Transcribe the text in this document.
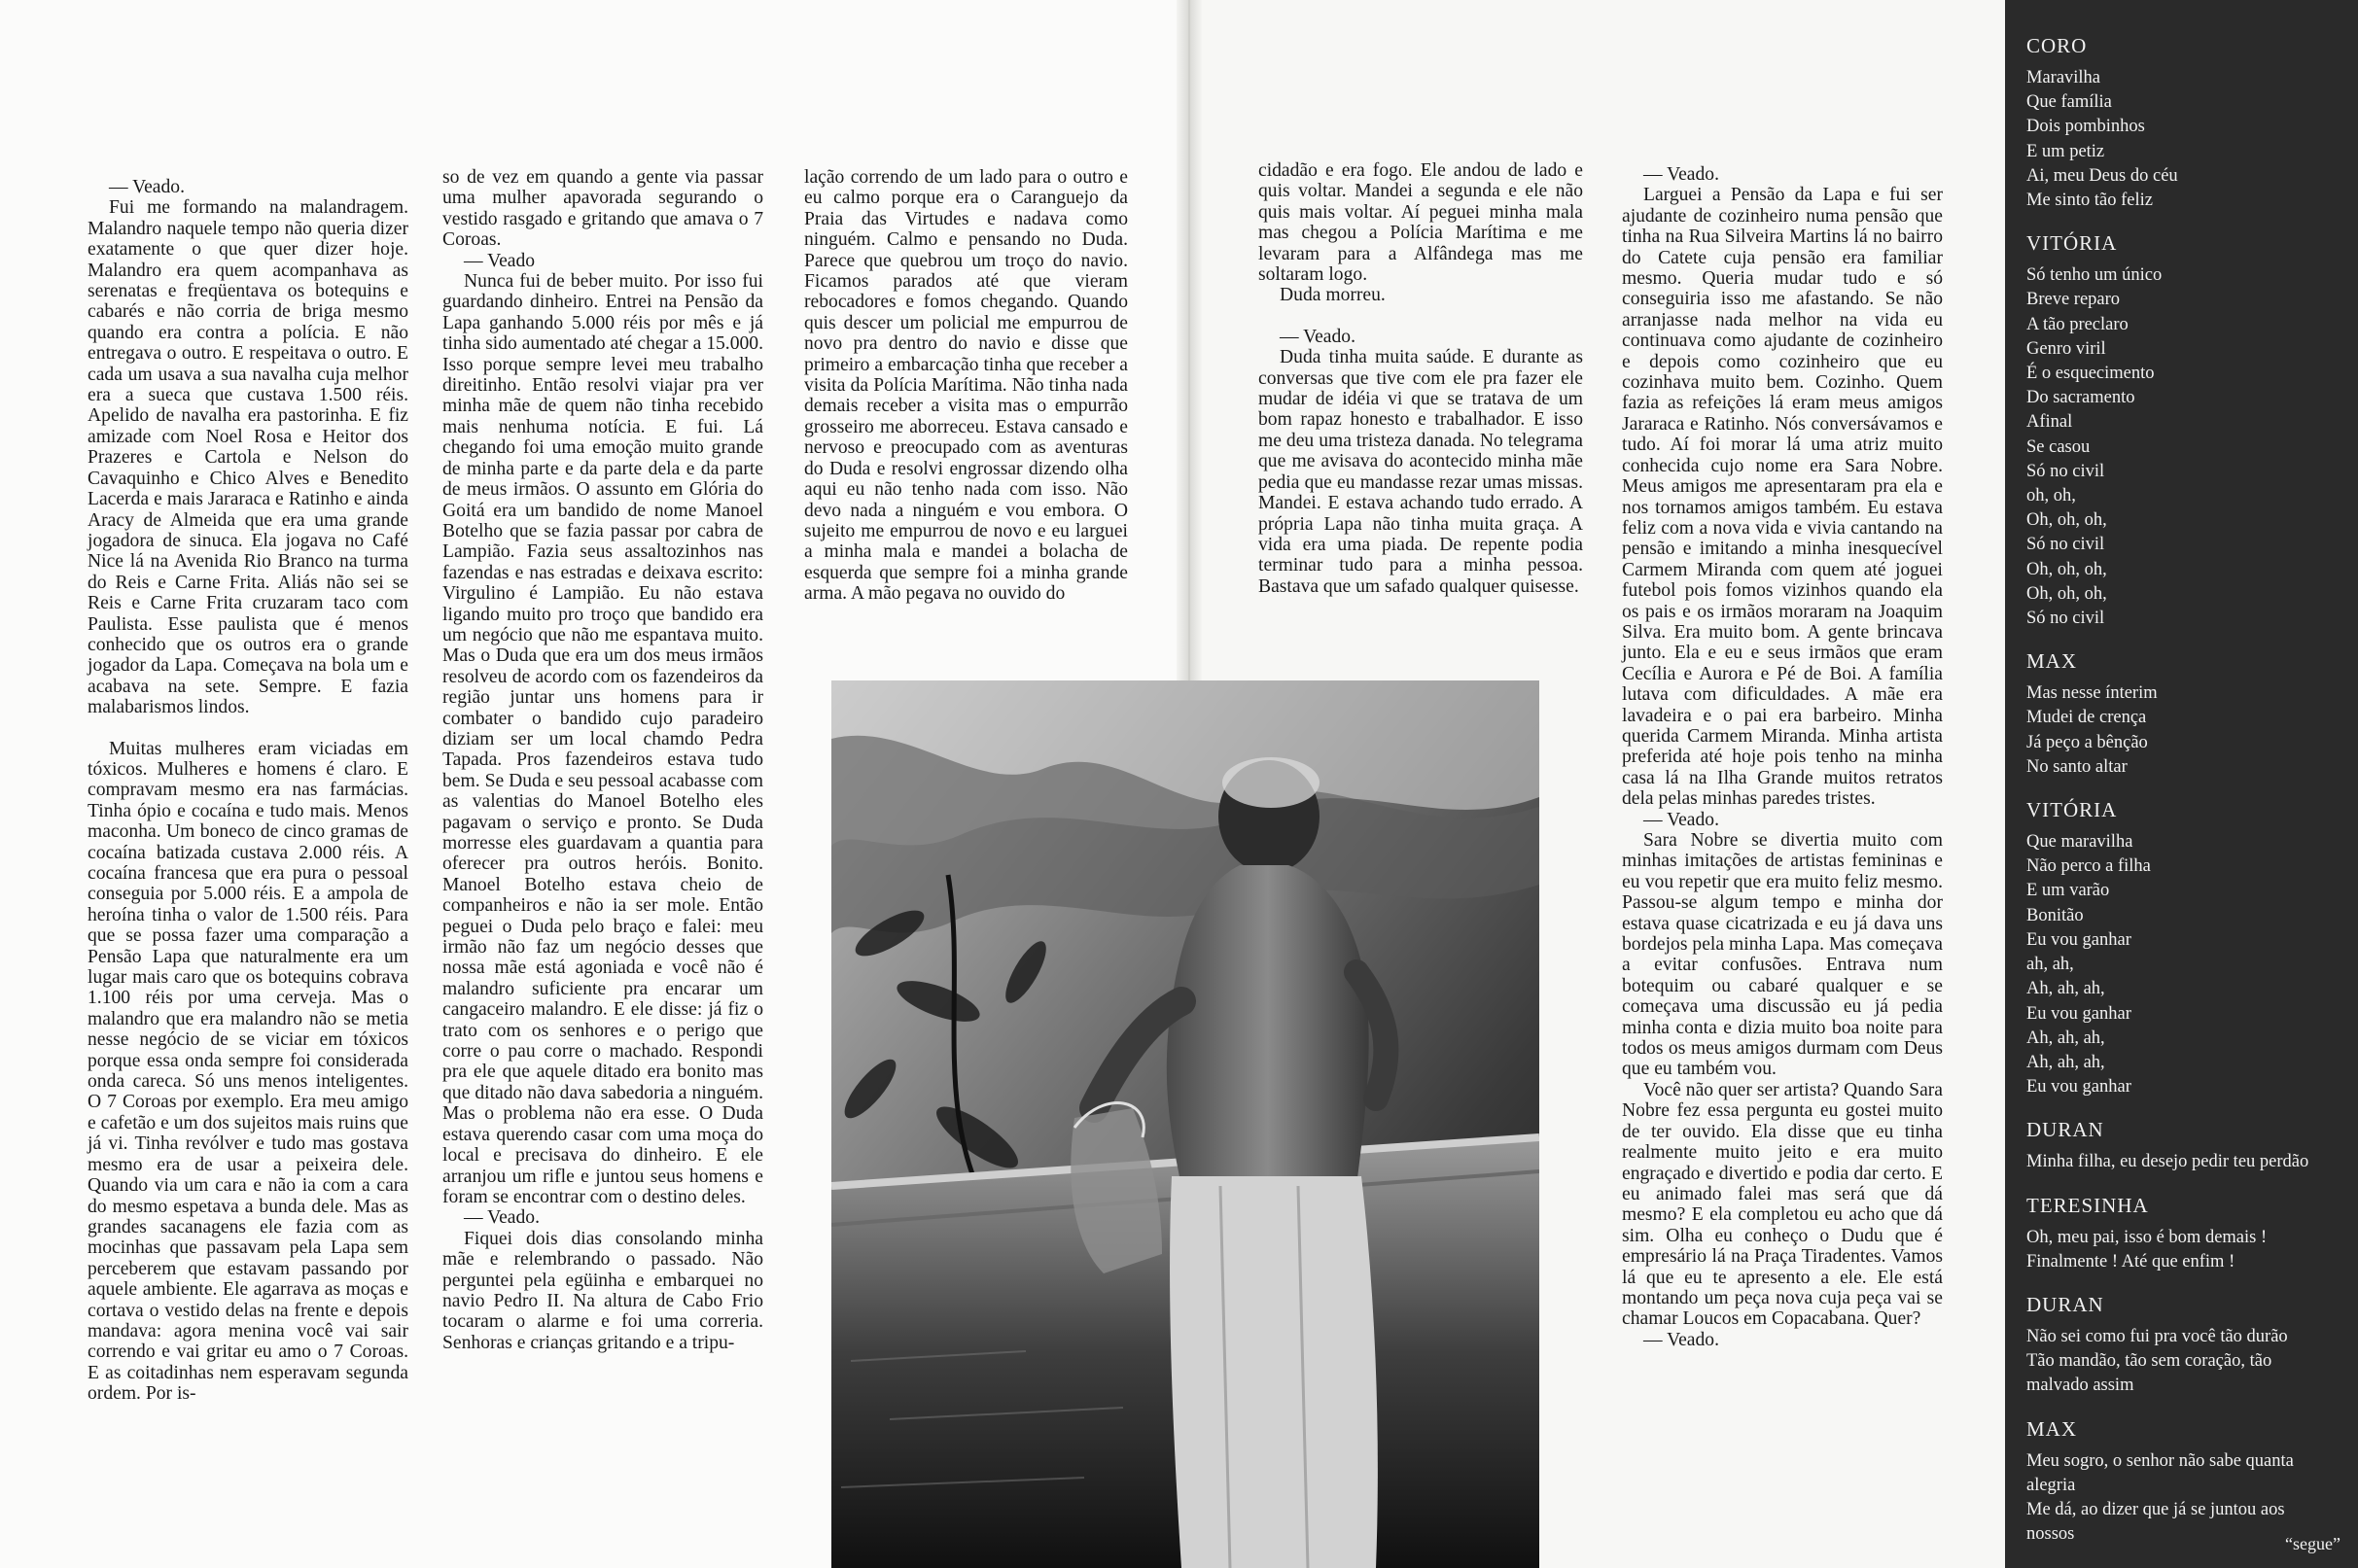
— Veado.

Fui me formando na malandragem. Malandro naquele tempo não queria dizer exatamente o que quer dizer hoje. Malandro era quem acompanhava as serenatas e freqüentava os botequins e cabarés e não corria de briga mesmo quando era contra a polícia. E não entregava o outro. E respeitava o outro. E cada um usava a sua navalha cuja melhor era a sueca que custava 1.500 réis. Apelido de navalha era pastorinha. E fiz amizade com Noel Rosa e Heitor dos Prazeres e Cartola e Nelson do Cavaquinho e Chico Alves e Benedito Lacerda e mais Jararaca e Ratinho e ainda Aracy de Almeida que era uma grande jogadora de sinuca. Ela jogava no Café Nice lá na Avenida Rio Branco na turma do Reis e Carne Frita. Aliás não sei se Reis e Carne Frita cruzaram taco com Paulista. Esse paulista que é menos conhecido que os outros era o grande jogador da Lapa. Começava na bola um e acabava na sete. Sempre. E fazia malabarismos lindos.

Muitas mulheres eram viciadas em tóxicos. Mulheres e homens é claro. E compravam mesmo era nas farmácias. Tinha ópio e cocaína e tudo mais. Menos maconha. Um boneco de cinco gramas de cocaína batizada custava 2.000 réis. A cocaína francesa que era pura o pessoal conseguia por 5.000 réis. E a ampola de heroína tinha o valor de 1.500 réis. Para que se possa fazer uma comparação a Pensão Lapa que naturalmente era um lugar mais caro que os botequins cobrava 1.100 réis por uma cerveja. Mas o malandro que era malandro não se metia nesse negócio de se viciar em tóxicos porque essa onda sempre foi considerada onda careca. Só uns menos inteligentes. O 7 Coroas por exemplo. Era meu amigo e cafetão e um dos sujeitos mais ruins que já vi. Tinha revólver e tudo mas gostava mesmo era de usar a peixeira dele. Quando via um cara e não ia com a cara do mesmo espetava a bunda dele. Mas as grandes sacanagens ele fazia com as mocinhas que passavam pela Lapa sem perceberem que estavam passando por aquele ambiente. Ele agarrava as moças e cortava o vestido delas na frente e depois mandava: agora menina você vai sair correndo e vai gritar eu amo o 7 Coroas. E as coitadinhas nem esperavam segunda ordem. Por is-

so de vez em quando a gente via passar uma mulher apavorada segurando o vestido rasgado e gritando que amava o 7 Coroas.

— Veado

Nunca fui de beber muito. Por isso fui guardando dinheiro. Entrei na Pensão da Lapa ganhando 5.000 réis por mês e já tinha sido aumentado até chegar a 15.000. Isso porque sempre levei meu trabalho direitinho. Então resolvi viajar pra ver minha mãe de quem não tinha recebido mais nenhuma notícia. E fui. Lá chegando foi uma emoção muito grande de minha parte e da parte dela e da parte de meus irmãos. O assunto em Glória do Goitá era um bandido de nome Manoel Botelho que se fazia passar por cabra de Lampião. Fazia seus assaltozinhos nas fazendas e nas estradas e deixava escrito: Virgulino é Lampião. Eu não estava ligando muito pro troço que bandido era um negócio que não me espantava muito. Mas o Duda que era um dos meus irmãos resolveu de acordo com os fazendeiros da região juntar uns homens para ir combater o bandido cujo paradeiro diziam ser um local chamdo Pedra Tapada. Pros fazendeiros estava tudo bem. Se Duda e seu pessoal acabasse com as valentias do Manoel Botelho eles pagavam o serviço e pronto. Se Duda morresse eles guardavam a quantia para oferecer pra outros heróis. Bonito. Manoel Botelho estava cheio de companheiros e não ia ser mole. Então peguei o Duda pelo braço e falei: meu irmão não faz um negócio desses que nossa mãe está agoniada e você não é malandro suficiente pra encarar um cangaceiro malandro. E ele disse: já fiz o trato com os senhores e o perigo que corre o pau corre o machado. Respondi pra ele que aquele ditado era bonito mas que ditado não dava sabedoria a ninguém. Mas o problema não era esse. O Duda estava querendo casar com uma moça do local e precisava do dinheiro. E ele arranjou um rifle e juntou seus homens e foram se encontrar com o destino deles.

— Veado.

Fiquei dois dias consolando minha mãe e relembrando o passado. Não perguntei pela egüinha e embarquei no navio Pedro II. Na altura de Cabo Frio tocaram o alarme e foi uma correria. Senhoras e crianças gritando e a tripu-

lação correndo de um lado para o outro e eu calmo porque era o Caranguejo da Praia das Virtudes e nadava como ninguém. Calmo e pensando no Duda. Parece que quebrou um troço do navio. Ficamos parados até que vieram rebocadores e fomos chegando. Quando quis descer um policial me empurrou de novo pra dentro do navio e disse que primeiro a embarcação tinha que receber a visita da Polícia Marítima. Não tinha nada demais receber a visita mas o empurrão grosseiro me aborreceu. Estava cansado e nervoso e preocupado com as aventuras do Duda e resolvi engrossar dizendo olha aqui eu não tenho nada com isso. Não devo nada a ninguém e vou embora. O sujeito me empurrou de novo e eu larguei a minha mala e mandei a bolacha de esquerda que sempre foi a minha grande arma. A mão pegava no ouvido do

cidadão e era fogo. Ele andou de lado e quis voltar. Mandei a segunda e ele não quis mais voltar. Aí peguei minha mala mas chegou a Polícia Marítima e me levaram para a Alfândega mas me soltaram logo.

Duda morreu.

— Veado.

Duda tinha muita saúde. E durante as conversas que tive com ele pra fazer ele mudar de idéia vi que se tratava de um bom rapaz honesto e trabalhador. E isso me deu uma tristeza danada. No telegrama que me avisava do acontecido minha mãe pedia que eu mandasse rezar umas missas. Mandei. E estava achando tudo errado. A própria Lapa não tinha muita graça. A vida era uma piada. De repente podia terminar tudo para a minha pessoa. Bastava que um safado qualquer quisesse.

— Veado.

Larguei a Pensão da Lapa e fui ser ajudante de cozinheiro numa pensão que tinha na Rua Silveira Martins lá no bairro do Catete cuja pensão era familiar mesmo. Queria mudar tudo e só conseguiria isso me afastando. Se não arranjasse nada melhor na vida eu continuava como ajudante de cozinheiro e depois como cozinheiro que eu cozinhava muito bem. Cozinho. Quem fazia as refeições lá eram meus amigos Jararaca e Ratinho. Nós conversávamos e tudo. Aí foi morar lá uma atriz muito conhecida cujo nome era Sara Nobre. Meus amigos me apresentaram pra ela e nos tornamos amigos também. Eu estava feliz com a nova vida e vivia cantando na pensão e imitando a minha inesquecível Carmem Miranda com quem até joguei futebol pois fomos vizinhos quando ela os pais e os irmãos moraram na Joaquim Silva. Era muito bom. A gente brincava junto. Ela e eu e seus irmãos que eram Cecília e Aurora e Pé de Boi. A família lutava com dificuldades. A mãe era lavadeira e o pai era barbeiro. Minha querida Carmem Miranda. Minha artista preferida até hoje pois tenho na minha casa lá na Ilha Grande muitos retratos dela pelas minhas paredes tristes.

— Veado.

Sara Nobre se divertia muito com minhas imitações de artistas femininas e eu vou repetir que era muito feliz mesmo. Passou-se algum tempo e minha dor estava quase cicatrizada e eu já dava uns bordejos pela minha Lapa. Mas começava a evitar confusões. Entrava num botequim ou cabaré qualquer e se começava uma discussão eu já pedia minha conta e dizia muito boa noite para todos os meus amigos durmam com Deus que eu também vou.

Você não quer ser artista? Quando Sara Nobre fez essa pergunta eu gostei muito de ter ouvido. Ela disse que eu tinha realmente muito jeito e era muito engraçado e divertido e podia dar certo. E eu animado falei mas será que dá mesmo? E ela completou eu acho que dá sim. Olha eu conheço o Dudu que é empresário lá na Praça Tiradentes. Vamos lá que eu te apresento a ele. Ele está montando um peça nova cuja peça vai se chamar Loucos em Copacabana. Quer?

— Veado.

CORO
Maravilha
Que família
Dois pombinhos
E um petiz
Ai, meu Deus do céu
Me sinto tão feliz
VITÓRIA
Só tenho um único
Breve reparo
A tão preclaro
Genro viril
É o esquecimento
Do sacramento
Afinal
Se casou
Só no civil
oh, oh,
Oh, oh, oh,
Só no civil
Oh, oh, oh,
Oh, oh, oh,
Só no civil
MAX
Mas nesse ínterim
Mudei de crença
Já peço a bênção
No santo altar
VITÓRIA
Que maravilha
Não perco a filha
E um varão
Bonitão
Eu vou ganhar
ah, ah,
Ah, ah, ah,
Eu vou ganhar
Ah, ah, ah,
Ah, ah, ah,
Eu vou ganhar
DURAN
Minha filha, eu desejo pedir teu perdão
TERESINHA
Oh, meu pai, isso é bom demais !
Finalmente ! Até que enfim !
DURAN
Não sei como fui pra você tão durão
Tão mandão, tão sem coração, tão
malvado assim
MAX
Meu sogro, o senhor não sabe quanta
alegria
Me dá, ao dizer que já se juntou aos
nossos	“segue”
